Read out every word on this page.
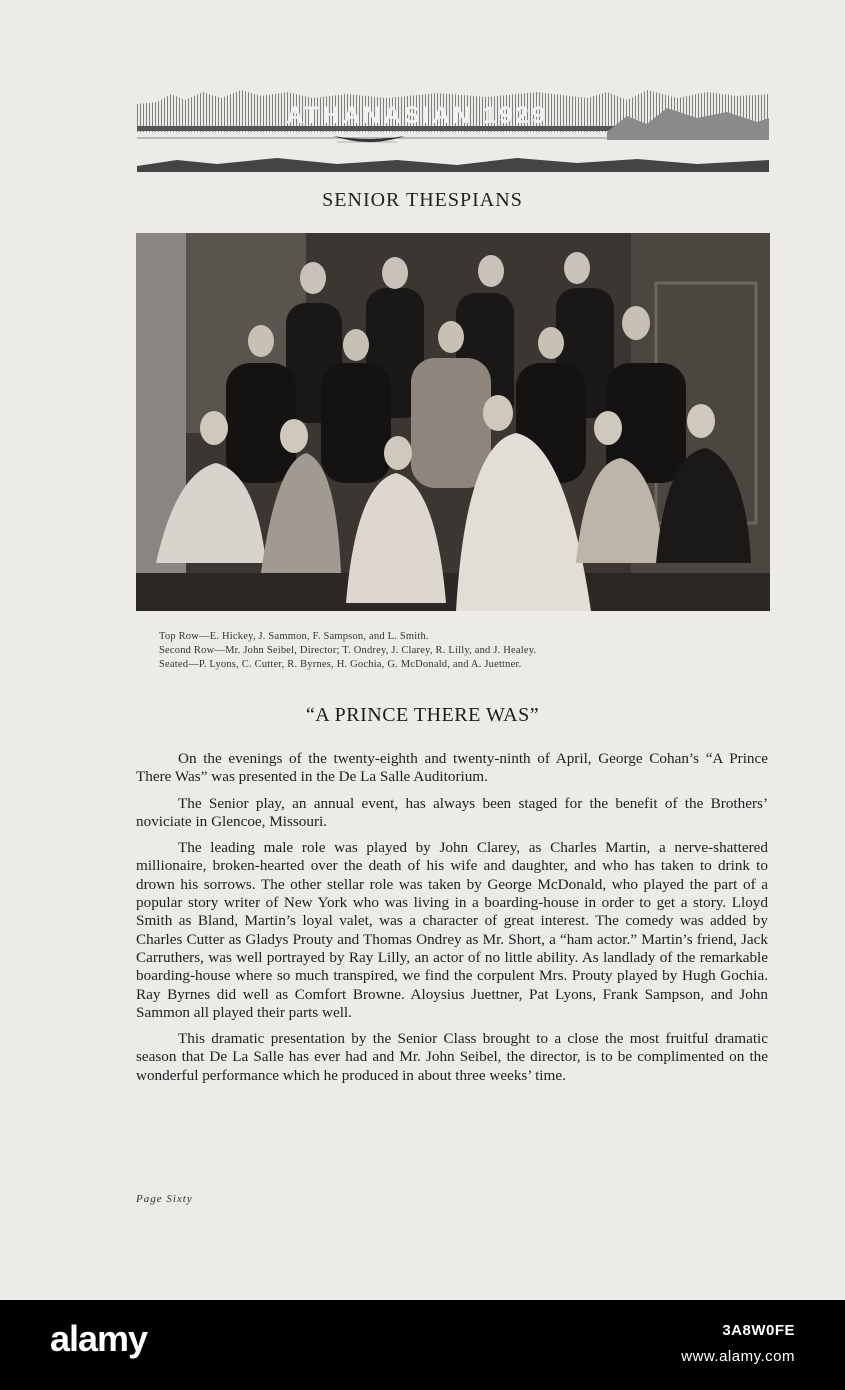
ATHANASIAN 1929
SENIOR THESPIANS
Top Row—E. Hickey, J. Sammon, F. Sampson, and L. Smith.
Second Row—Mr. John Seibel, Director; T. Ondrey, J. Clarey, R. Lilly, and J. Healey.
Seated—P. Lyons, C. Cutter, R. Byrnes, H. Gochia, G. McDonald, and A. Juettner.
“A PRINCE THERE WAS”

On the evenings of the twenty-eighth and twenty-ninth of April, George Cohan’s “A Prince There Was” was presented in the De La Salle Auditorium.

The Senior play, an annual event, has always been staged for the benefit of the Brothers’ noviciate in Glencoe, Missouri.

The leading male role was played by John Clarey, as Charles Martin, a nerve-shattered millionaire, broken-hearted over the death of his wife and daughter, and who has taken to drink to drown his sorrows. The other stellar role was taken by George McDonald, who played the part of a popular story writer of New York who was living in a boarding-house in order to get a story. Lloyd Smith as Bland, Martin’s loyal valet, was a character of great interest. The comedy was added by Charles Cutter as Gladys Prouty and Thomas Ondrey as Mr. Short, a “ham actor.” Martin’s friend, Jack Carruthers, was well portrayed by Ray Lilly, an actor of no little ability. As landlady of the remarkable boarding-house where so much transpired, we find the corpulent Mrs. Prouty played by Hugh Gochia. Ray Byrnes did well as Comfort Browne. Aloysius Juettner, Pat Lyons, Frank Sampson, and John Sammon all played their parts well.

This dramatic presentation by the Senior Class brought to a close the most fruitful dramatic season that De La Salle has ever had and Mr. John Seibel, the director, is to be complimented on the wonderful performance which he produced in about three weeks’ time.

Page Sixty
alamy	3A8W0FE
www.alamy.com
